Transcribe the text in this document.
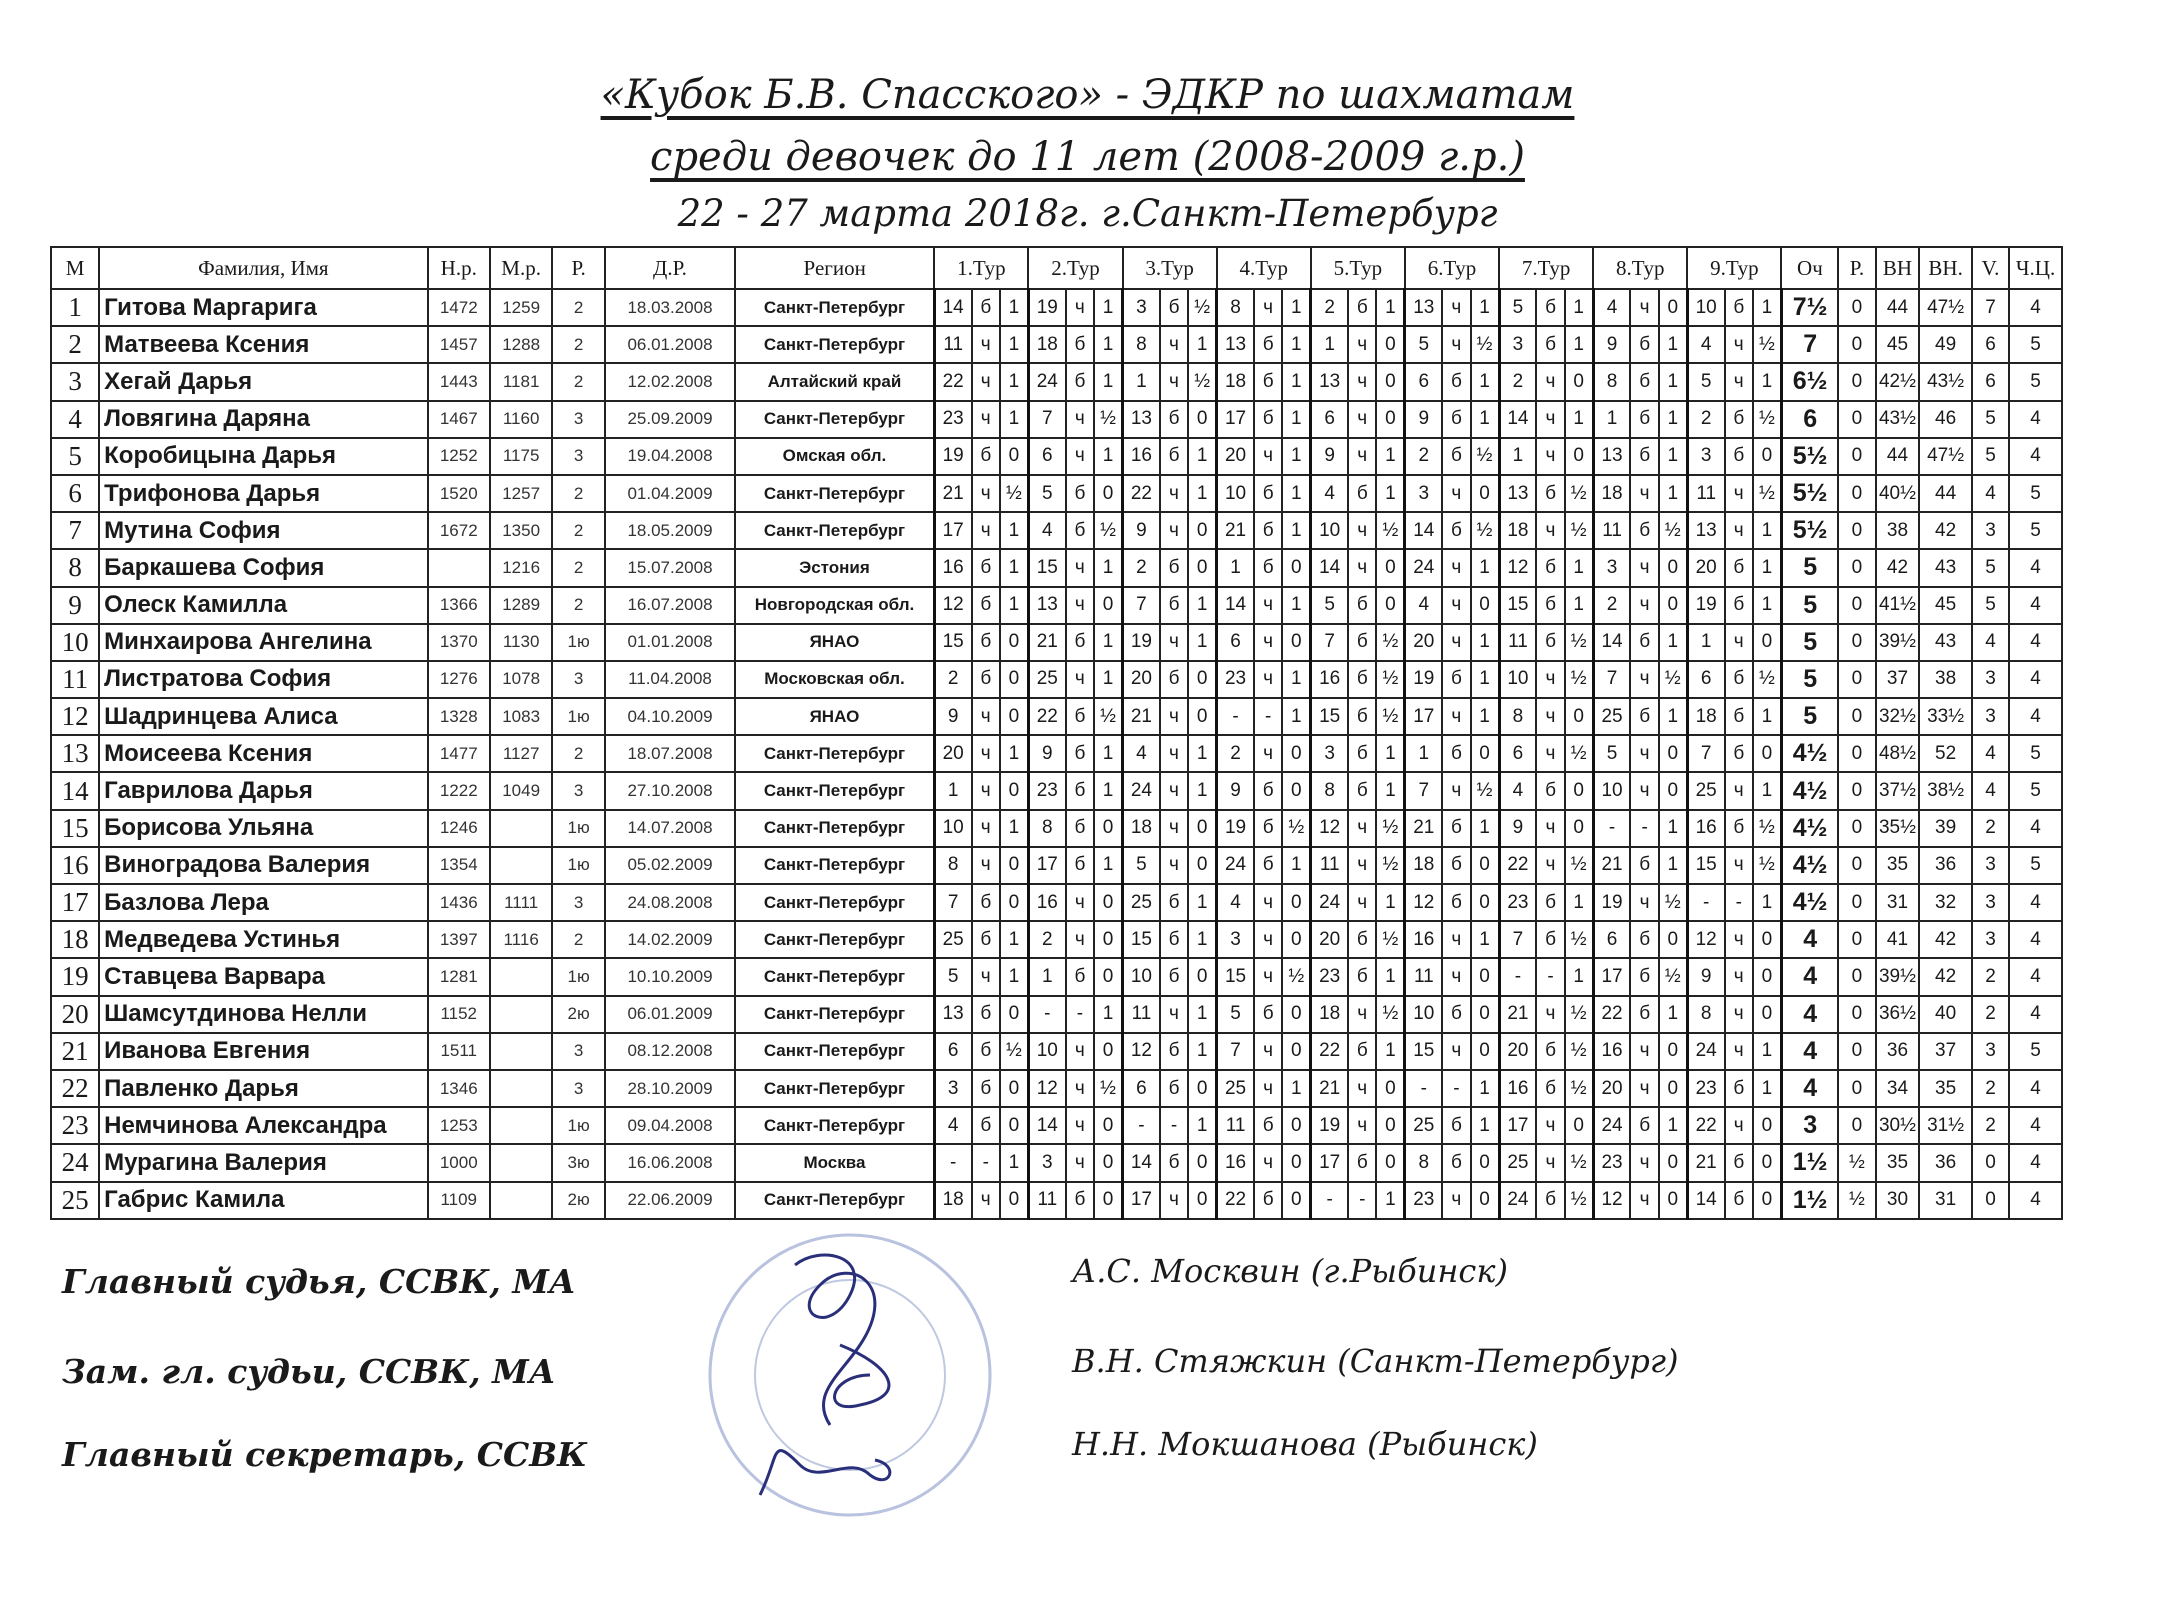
«Кубок Б.В. Спасского» - ЭДКР по шахматам
среди девочек до 11 лет (2008-2009 г.р.)
22 - 27 марта 2018г. г.Санкт-Петербург
М	Фамилия, Имя	Н.р.	М.р.	Р.	Д.Р.	Регион	1.Тур			2.Тур			3.Тур			4.Тур			5.Тур			6.Тур			7.Тур			8.Тур			9.Тур			Оч	Р.	ВН	ВН.	V.	Ч.Ц.
1	Гитова Маргарига	1472	1259	2	18.03.2008	Санкт-Петербург	14	б	1	19	ч	1	3	б	½	8	ч	1	2	б	1	13	ч	1	5	б	1	4	ч	0	10	б	1	7½	0	44	47½	7	4
2	Матвеева Ксения	1457	1288	2	06.01.2008	Санкт-Петербург	11	ч	1	18	б	1	8	ч	1	13	б	1	1	ч	0	5	ч	½	3	б	1	9	б	1	4	ч	½	7	0	45	49	6	5
3	Хегай Дарья	1443	1181	2	12.02.2008	Алтайский край	22	ч	1	24	б	1	1	ч	½	18	б	1	13	ч	0	6	б	1	2	ч	0	8	б	1	5	ч	1	6½	0	42½	43½	6	5
4	Ловягина Даряна	1467	1160	3	25.09.2009	Санкт-Петербург	23	ч	1	7	ч	½	13	б	0	17	б	1	6	ч	0	9	б	1	14	ч	1	1	б	1	2	б	½	6	0	43½	46	5	4
5	Коробицына Дарья	1252	1175	3	19.04.2008	Омская обл.	19	б	0	6	ч	1	16	б	1	20	ч	1	9	ч	1	2	б	½	1	ч	0	13	б	1	3	б	0	5½	0	44	47½	5	4
6	Трифонова Дарья	1520	1257	2	01.04.2009	Санкт-Петербург	21	ч	½	5	б	0	22	ч	1	10	б	1	4	б	1	3	ч	0	13	б	½	18	ч	1	11	ч	½	5½	0	40½	44	4	5
7	Мутина София	1672	1350	2	18.05.2009	Санкт-Петербург	17	ч	1	4	б	½	9	ч	0	21	б	1	10	ч	½	14	б	½	18	ч	½	11	б	½	13	ч	1	5½	0	38	42	3	5
8	Баркашева София		1216	2	15.07.2008	Эстония	16	б	1	15	ч	1	2	б	0	1	б	0	14	ч	0	24	ч	1	12	б	1	3	ч	0	20	б	1	5	0	42	43	5	4
9	Олеск Камилла	1366	1289	2	16.07.2008	Новгородская обл.	12	б	1	13	ч	0	7	б	1	14	ч	1	5	б	0	4	ч	0	15	б	1	2	ч	0	19	б	1	5	0	41½	45	5	4
10	Минхаирова Ангелина	1370	1130	1ю	01.01.2008	ЯНАО	15	б	0	21	б	1	19	ч	1	6	ч	0	7	б	½	20	ч	1	11	б	½	14	б	1	1	ч	0	5	0	39½	43	4	4
11	Листратова София	1276	1078	3	11.04.2008	Московская обл.	2	б	0	25	ч	1	20	б	0	23	ч	1	16	б	½	19	б	1	10	ч	½	7	ч	½	6	б	½	5	0	37	38	3	4
12	Шадринцева Алиса	1328	1083	1ю	04.10.2009	ЯНАО	9	ч	0	22	б	½	21	ч	0	-	-	1	15	б	½	17	ч	1	8	ч	0	25	б	1	18	б	1	5	0	32½	33½	3	4
13	Моисеева Ксения	1477	1127	2	18.07.2008	Санкт-Петербург	20	ч	1	9	б	1	4	ч	1	2	ч	0	3	б	1	1	б	0	6	ч	½	5	ч	0	7	б	0	4½	0	48½	52	4	5
14	Гаврилова Дарья	1222	1049	3	27.10.2008	Санкт-Петербург	1	ч	0	23	б	1	24	ч	1	9	б	0	8	б	1	7	ч	½	4	б	0	10	ч	0	25	ч	1	4½	0	37½	38½	4	5
15	Борисова Ульяна	1246		1ю	14.07.2008	Санкт-Петербург	10	ч	1	8	б	0	18	ч	0	19	б	½	12	ч	½	21	б	1	9	ч	0	-	-	1	16	б	½	4½	0	35½	39	2	4
16	Виноградова Валерия	1354		1ю	05.02.2009	Санкт-Петербург	8	ч	0	17	б	1	5	ч	0	24	б	1	11	ч	½	18	б	0	22	ч	½	21	б	1	15	ч	½	4½	0	35	36	3	5
17	Базлова Лера	1436	1111	3	24.08.2008	Санкт-Петербург	7	б	0	16	ч	0	25	б	1	4	ч	0	24	ч	1	12	б	0	23	б	1	19	ч	½	-	-	1	4½	0	31	32	3	4
18	Медведева Устинья	1397	1116	2	14.02.2009	Санкт-Петербург	25	б	1	2	ч	0	15	б	1	3	ч	0	20	б	½	16	ч	1	7	б	½	6	б	0	12	ч	0	4	0	41	42	3	4
19	Ставцева Варвара	1281		1ю	10.10.2009	Санкт-Петербург	5	ч	1	1	б	0	10	б	0	15	ч	½	23	б	1	11	ч	0	-	-	1	17	б	½	9	ч	0	4	0	39½	42	2	4
20	Шамсутдинова Нелли	1152		2ю	06.01.2009	Санкт-Петербург	13	б	0	-	-	1	11	ч	1	5	б	0	18	ч	½	10	б	0	21	ч	½	22	б	1	8	ч	0	4	0	36½	40	2	4
21	Иванова Евгения	1511		3	08.12.2008	Санкт-Петербург	6	б	½	10	ч	0	12	б	1	7	ч	0	22	б	1	15	ч	0	20	б	½	16	ч	0	24	ч	1	4	0	36	37	3	5
22	Павленко Дарья	1346		3	28.10.2009	Санкт-Петербург	3	б	0	12	ч	½	6	б	0	25	ч	1	21	ч	0	-	-	1	16	б	½	20	ч	0	23	б	1	4	0	34	35	2	4
23	Немчинова Александра	1253		1ю	09.04.2008	Санкт-Петербург	4	б	0	14	ч	0	-	-	1	11	б	0	19	ч	0	25	б	1	17	ч	0	24	б	1	22	ч	0	3	0	30½	31½	2	4
24	Мурагина Валерия	1000		3ю	16.06.2008	Москва	-	-	1	3	ч	0	14	б	0	16	ч	0	17	б	0	8	б	0	25	ч	½	23	ч	0	21	б	0	1½	½	35	36	0	4
25	Габрис Камила	1109		2ю	22.06.2009	Санкт-Петербург	18	ч	0	11	б	0	17	ч	0	22	б	0	-	-	1	23	ч	0	24	б	½	12	ч	0	14	б	0	1½	½	30	31	0	4
Главный судья, ССВК, МА	А.С. Москвин (г.Рыбинск)
Зам. гл. судьи, ССВК, МА	В.Н. Стяжкин (Санкт-Петербург)
Главный секретарь, ССВК	Н.Н. Мокшанова (Рыбинск)
